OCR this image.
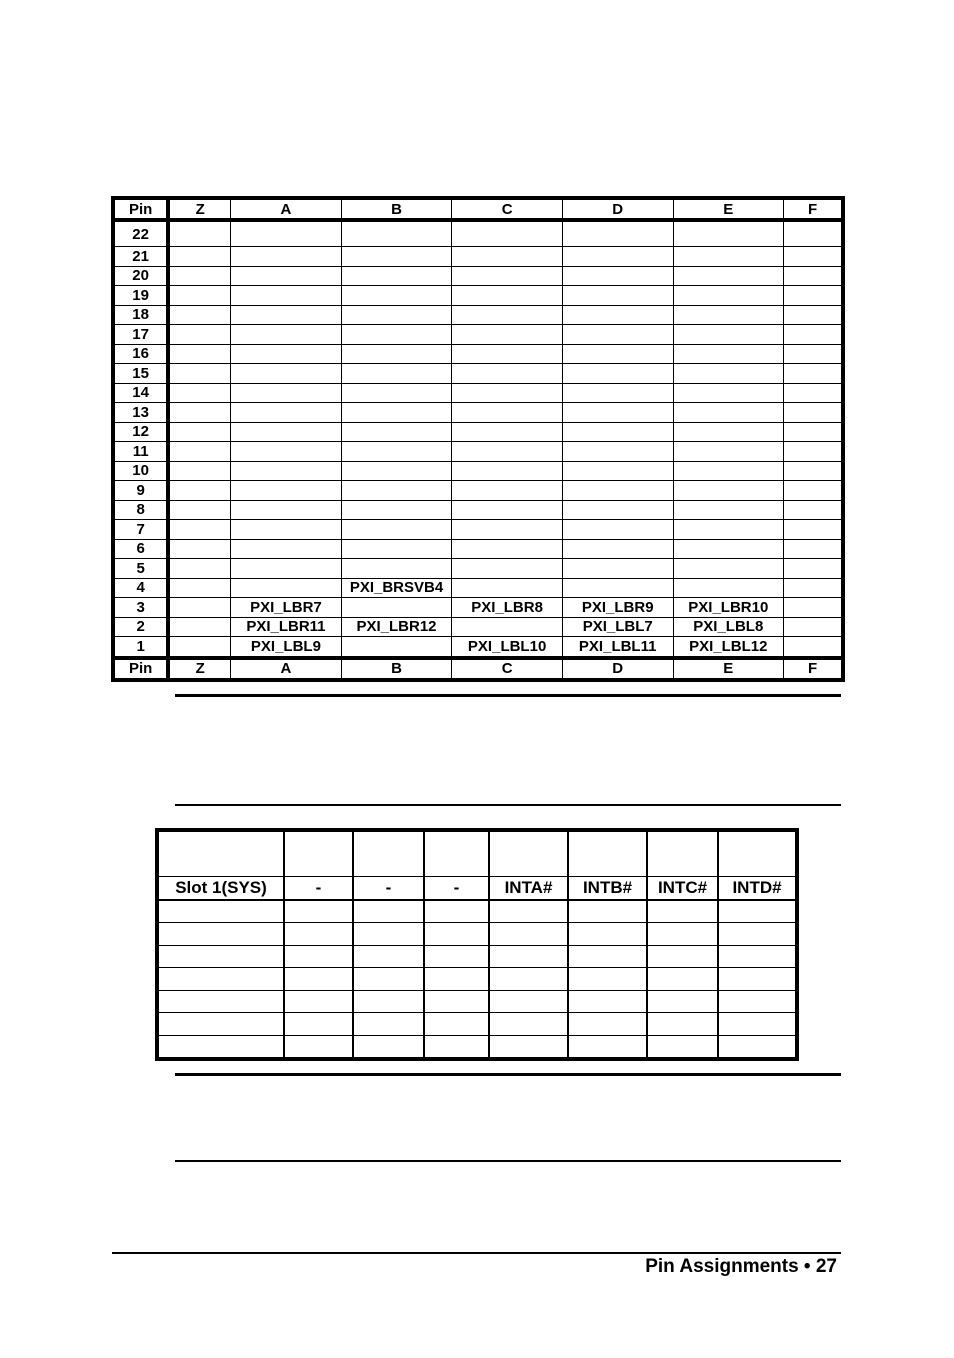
Pin	Z	A	B	C	D	E	F
22							
21							
20							
19							
18							
17							
16							
15							
14							
13							
12							
11							
10							
9							
8							
7							
6							
5							
4			PXI_BRSVB4				
3		PXI_LBR7		PXI_LBR8	PXI_LBR9	PXI_LBR10	
2		PXI_LBR11	PXI_LBR12		PXI_LBL7	PXI_LBL8	
1		PXI_LBL9		PXI_LBL10	PXI_LBL11	PXI_LBL12	
Pin	Z	A	B	C	D	E	F

Slot 1(SYS)	-	-	-	INTA#	INTB#	INTC#	INTD#

Pin Assignments • 27
